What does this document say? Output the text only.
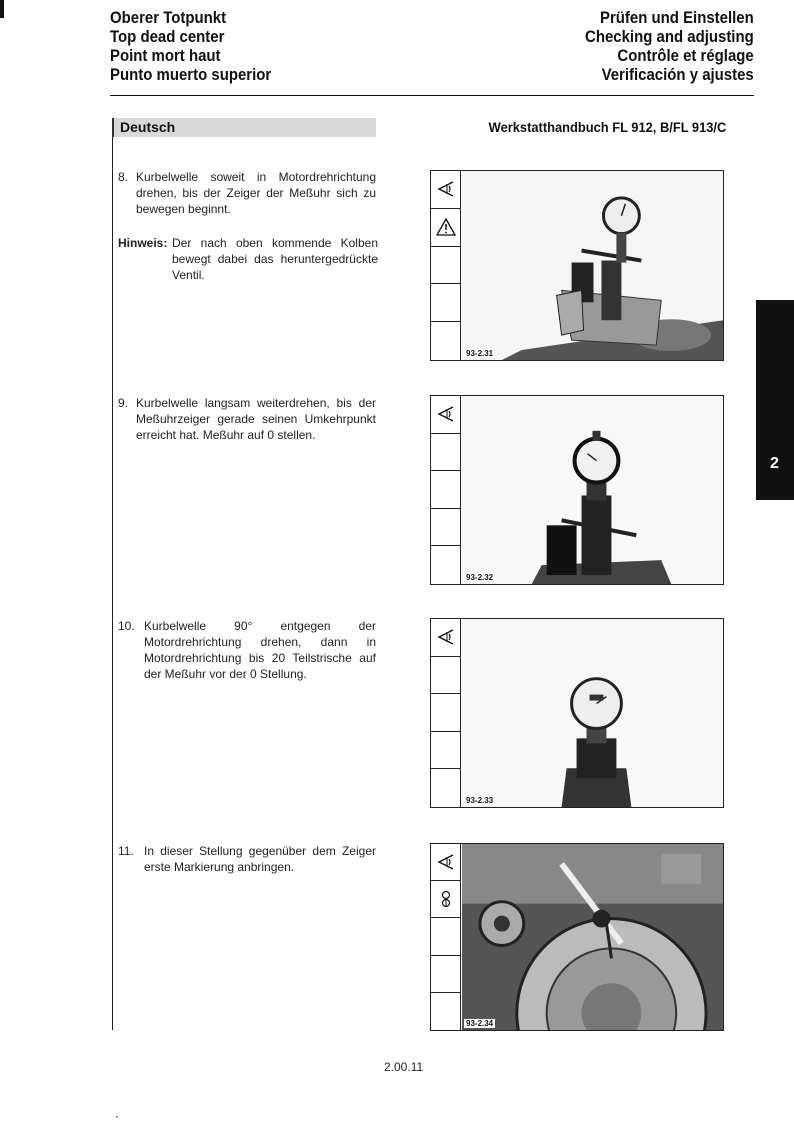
Oberer Totpunkt
Top dead center
Point mort haut
Punto muerto superior
Prüfen und Einstellen
Checking and adjusting
Contrôle et réglage
Verificación y ajustes
Deutsch	Werkstatthandbuch FL 912, B/FL 913/C
8. Kurbelwelle soweit in Motordrehrichtung drehen, bis der Zeiger der Meßuhr sich zu bewegen beginnt.
Hinweis: Der nach oben kommende Kolben bewegt dabei das heruntergedrückte Ventil.
9. Kurbelwelle langsam weiterdrehen, bis der Meßuhrzeiger gerade seinen Umkehrpunkt erreicht hat. Meßuhr auf 0 stellen.
10. Kurbelwelle 90° entgegen der Motordrehrichtung drehen, dann in Motordrehrichtung bis 20 Teilstrische auf der Meßuhr vor der 0 Stellung.
11. In dieser Stellung gegenüber dem Zeiger erste Markierung anbringen.
93-2.31
93-2.32
93-2.33
93-2.34
2
2.00.11
